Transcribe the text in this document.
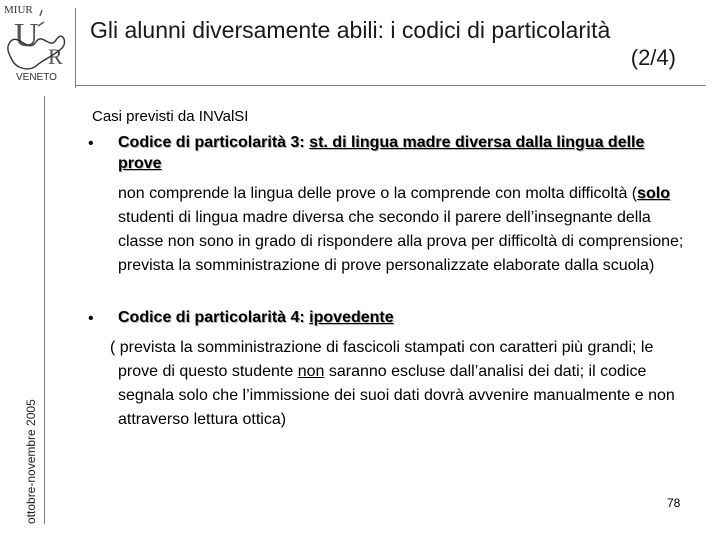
MIUR
U
R
VENETO
Gli alunni diversamente abili: i codici di particolarità
(2/4)
ottobre-novembre 2005
Casi previsti da INValSI
•	Codice di particolarità 3: st. di lingua madre diversa dalla lingua delle prove
non comprende la lingua delle prove o la comprende con molta difficoltà (solo studenti di lingua madre diversa che secondo il parere dell’insegnante della classe non sono in grado di rispondere alla prova per difficoltà di comprensione; prevista la somministrazione di prove personalizzate elaborate dalla scuola)
•	Codice di particolarità 4: ipovedente
( prevista la somministrazione di fascicoli stampati con caratteri più grandi; le prove di questo studente non saranno escluse dall’analisi dei dati; il codice segnala solo che l’immissione dei suoi dati dovrà avvenire manualmente e non attraverso lettura ottica)
78
